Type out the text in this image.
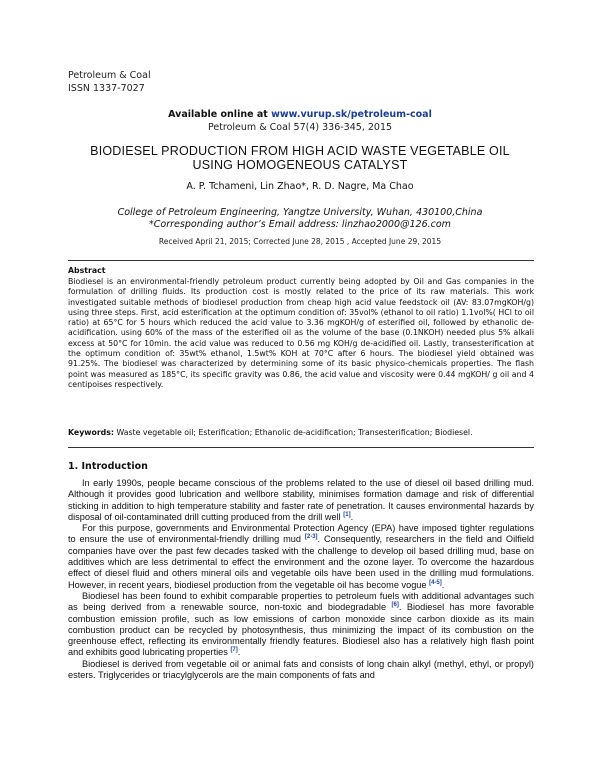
Petroleum & Coal
ISSN 1337-7027
Available online at www.vurup.sk/petroleum-coal
Petroleum & Coal 57(4) 336-345, 2015
BIODIESEL PRODUCTION FROM HIGH ACID WASTE VEGETABLE OIL
USING HOMOGENEOUS CATALYST
A. P. Tchameni, Lin Zhao*, R. D. Nagre, Ma Chao
College of Petroleum Engineering, Yangtze University, Wuhan, 430100,China
*Corresponding author’s Email address: linzhao2000@126.com
Received April 21, 2015; Corrected June 28, 2015 , Accepted June 29, 2015
Abstract
Biodiesel is an environmental-friendly petroleum product currently being adopted by Oil and Gas companies in the formulation of drilling fluids. Its production cost is mostly related to the price of its raw materials. This work investigated suitable methods of biodiesel production from cheap high acid value feedstock oil (AV: 83.07mgKOH/g) using three steps. First, acid esterification at the optimum condition of: 35vol% (ethanol to oil ratio) 1.1vol%( HCl to oil ratio) at 65°C for 5 hours which reduced the acid value to 3.36 mgKOH/g of esterified oil, followed by ethanolic de-acidification. using 60% of the mass of the esterified oil as the volume of the base (0.1NKOH) needed plus 5% alkali excess at 50°C for 10min. the acid value was reduced to 0.56 mg KOH/g de-acidified oil. Lastly, transesterification at the optimum condition of: 35wt% ethanol, 1.5wt% KOH at 70°C after 6 hours. The biodiesel yield obtained was 91.25%. The biodiesel was characterized by determining some of its basic physico-chemicals properties. The flash point was measured as 185°C, its specific gravity was 0.86, the acid value and viscosity were 0.44 mgKOH/ g oil and 4 centipoises respectively.
Keywords: Waste vegetable oil; Esterification; Ethanolic de-acidification; Transesterification; Biodiesel.
1. Introduction

In early 1990s, people became conscious of the problems related to the use of diesel oil based drilling mud. Although it provides good lubrication and wellbore stability, minimises formation damage and risk of differential sticking in addition to high temperature stability and faster rate of penetration. It causes environmental hazards by disposal of oil-contaminated drill cutting produced from the drill well [1].

For this purpose, governments and Environmental Protection Agency (EPA) have imposed tighter regulations to ensure the use of environmental-friendly drilling mud [2-3]. Consequently, researchers in the field and Oilfield companies have over the past few decades tasked with the challenge to develop oil based drilling mud, base on additives which are less detrimental to effect the environment and the ozone layer. To overcome the hazardous effect of diesel fluid and others mineral oils and vegetable oils have been used in the drilling mud formulations. However, in recent years, biodiesel production from the vegetable oil has become vogue [4-5].

Biodiesel has been found to exhibit comparable properties to petroleum fuels with additional advantages such as being derived from a renewable source, non-toxic and biodegradable [6]. Biodiesel has more favorable combustion emission profile, such as low emissions of carbon monoxide since carbon dioxide as its main combustion product can be recycled by photosynthesis, thus minimizing the impact of its combustion on the greenhouse effect, reflecting its environmentally friendly features. Biodiesel also has a relatively high flash point and exhibits good lubricating properties [7].

Biodiesel is derived from vegetable oil or animal fats and consists of long chain alkyl (methyl, ethyl, or propyl) esters. Triglycerides or triacylglycerols are the main components of fats and
